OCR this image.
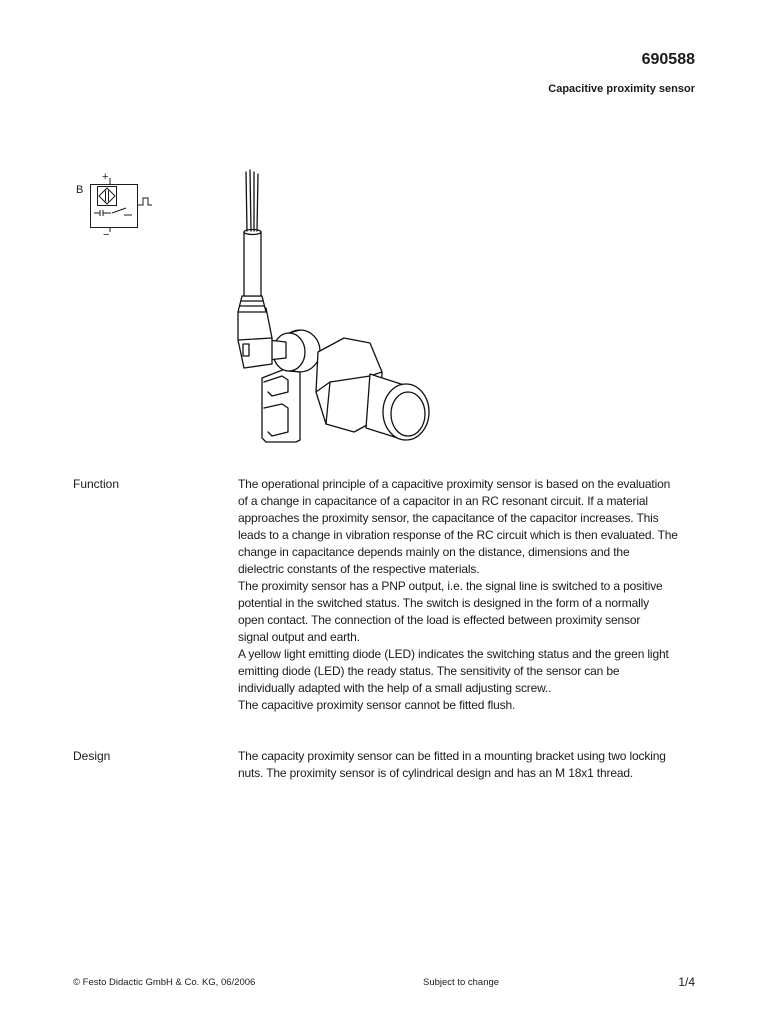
690588
Capacitive proximity sensor
B
+
−
Function	The operational principle of a capacitive proximity sensor is based on the evaluation
of a change in capacitance of a capacitor in an RC resonant circuit. If a material
approaches the proximity sensor, the capacitance of the capacitor increases. This
leads to a change in vibration response of the RC circuit which is then evaluated. The
change in capacitance depends mainly on the distance, dimensions and the
dielectric constants of the respective materials.
The proximity sensor has a PNP output, i.e. the signal line is switched to a positive
potential in the switched status. The switch is designed in the form of a normally
open contact. The connection of the load is effected between proximity sensor
signal output and earth.
A yellow light emitting diode (LED) indicates the switching status and the green light
emitting diode (LED) the ready status. The sensitivity of the sensor can be
individually adapted with the help of a small adjusting screw..
The capacitive proximity sensor cannot be fitted flush.
Design	The capacity proximity sensor can be fitted in a mounting bracket using two locking
nuts. The proximity sensor is of cylindrical design and has an M 18x1 thread.
© Festo Didactic GmbH & Co. KG, 06/2006	Subject to change	1/4
